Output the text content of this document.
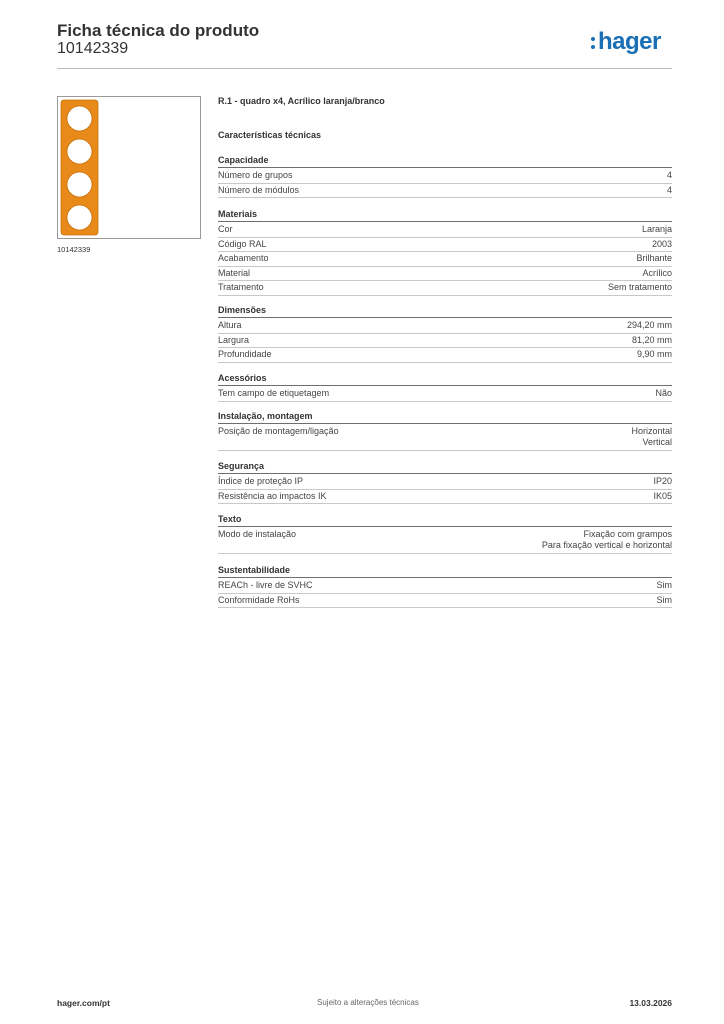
Ficha técnica do produto
10142339	hager
10142339
R.1 - quadro x4, Acrílico laranja/branco
Características técnicas
Capacidade
Número de grupos	4
Número de módulos	4
Materiais
Cor	Laranja
Código RAL	2003
Acabamento	Brilhante
Material	Acrílico
Tratamento	Sem tratamento
Dimensões
Altura	294,20 mm
Largura	81,20 mm
Profundidade	9,90 mm
Acessórios
Tem campo de etiquetagem	Não
Instalação, montagem
Posição de montagem/ligação	Horizontal
Vertical
Segurança
Índice de proteção IP	IP20
Resistência ao impactos IK	IK05
Texto
Modo de instalação	Fixação com grampos
Para fixação vertical e horizontal
Sustentabilidade
REACh - livre de SVHC	Sim
Conformidade RoHs	Sim
hager.com/pt	Sujeito a alterações técnicas	13.03.2026
